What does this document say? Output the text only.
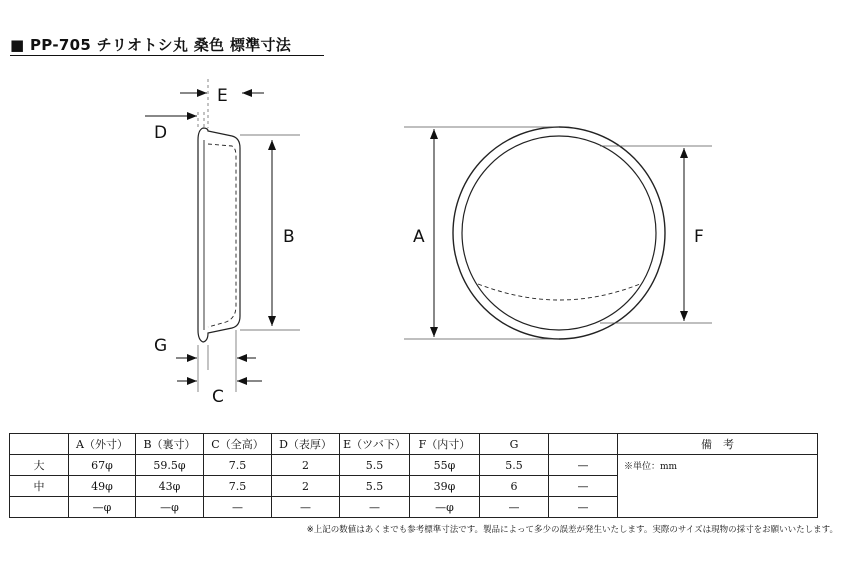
■ PP-705 チリオトシ丸 桑色 標準寸法
E
D
B
G
C
A	F
	A（外寸）	B（裏寸）	C（全高）	D（表厚）	E（ツバ下）	F（内寸）	G		備　考
大	67φ	59.5φ	7.5	2	5.5	55φ	5.5	—	※単位：mm
中	49φ	43φ	7.5	2	5.5	39φ	6	—	
	—φ	—φ	—	—	—	—φ	—	—	
※上記の数値はあくまでも参考標準寸法です。製品によって多少の誤差が発生いたします。実際のサイズは現物の採寸をお願いいたします。
